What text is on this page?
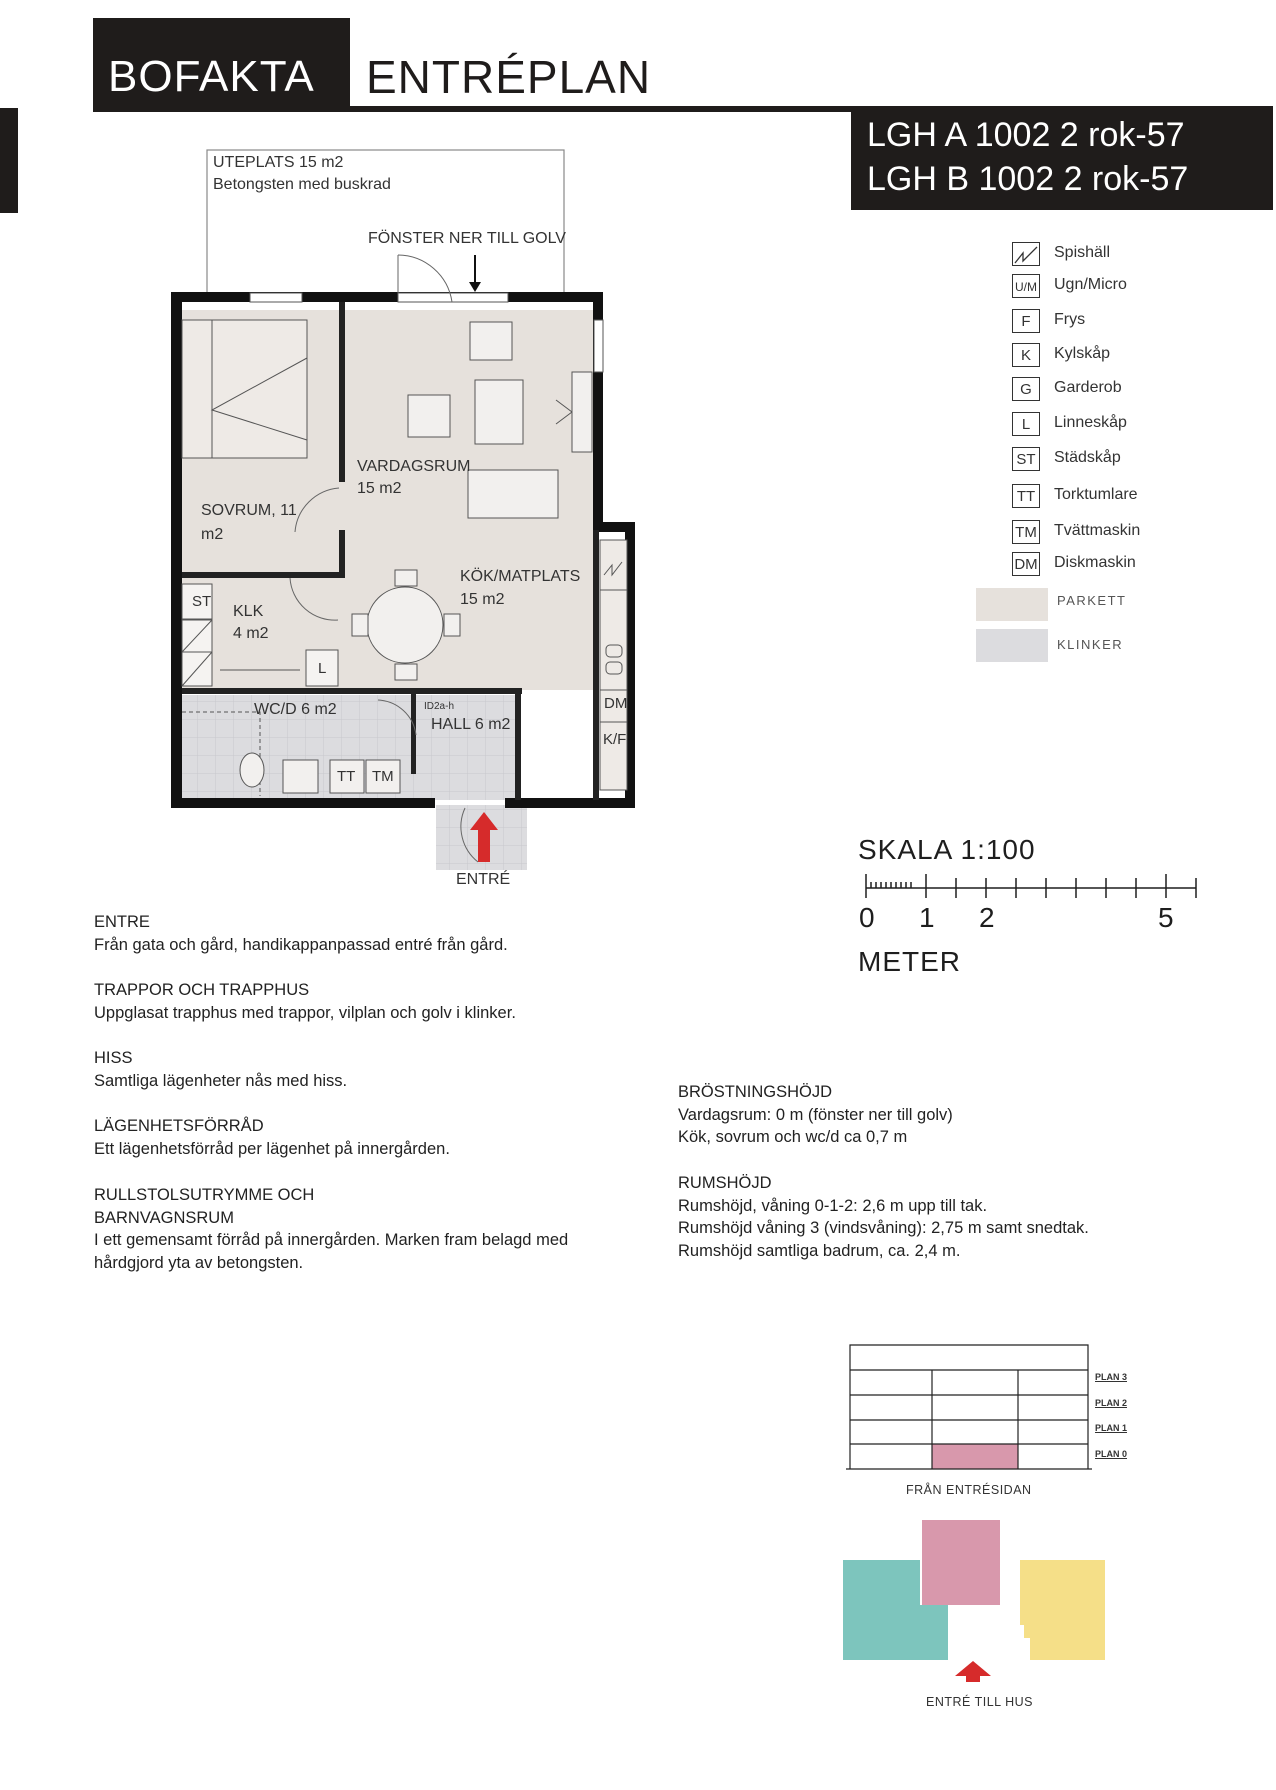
BOFAKTA ENTRÉPLAN
LGH A 1002 2 rok-57
LGH B 1002 2 rok-57
UTEPLATS 15 m2
Betongsten med buskrad
FÖNSTER NER TILL GOLV
VARDAGSRUM
15 m2
SOVRUM, 11
m2
KÖK/MATPLATS
15 m2
KLK
4 m2
WC/D 6 m2
HALL 6 m2
ID2a-h
ST
L
DM
K/F
TT TM
ENTRÉ
Spishäll
U/M Ugn/Micro
F	Frys
K	Kylskåp
G	Garderob
L	Linneskåp
ST Städskåp
TT	Torktumlare
TM Tvättmaskin
DM Diskmaskin
PARKETT
KLINKER
SKALA 1:100
0 1 2	5
METER

ENTRE

Från gata och gård, handikappanpassad entré från gård.

TRAPPOR OCH TRAPPHUS

Uppglasat trapphus med trappor, vilplan och golv i klinker.

HISS

Samtliga lägenheter nås med hiss.

LÄGENHETSFÖRRÅD

Ett lägenhetsförråd per lägenhet på innergården.

RULLSTOLSUTRYMME OCH

BARNVAGNSRUM

I ett gemensamt förråd på innergården. Marken fram belagd med

hårdgjord yta av betongsten.

BRÖSTNINGSHÖJD

Vardagsrum: 0 m (fönster ner till golv)

Kök, sovrum och wc/d ca 0,7 m

RUMSHÖJD

Rumshöjd, våning 0-1-2: 2,6 m upp till tak.

Rumshöjd våning 3 (vindsvåning): 2,75 m samt snedtak.

Rumshöjd samtliga badrum, ca. 2,4 m.

PLAN 3
PLAN 2
PLAN 1
PLAN 0
FRÅN ENTRÉSIDAN
ENTRÉ TILL HUS
